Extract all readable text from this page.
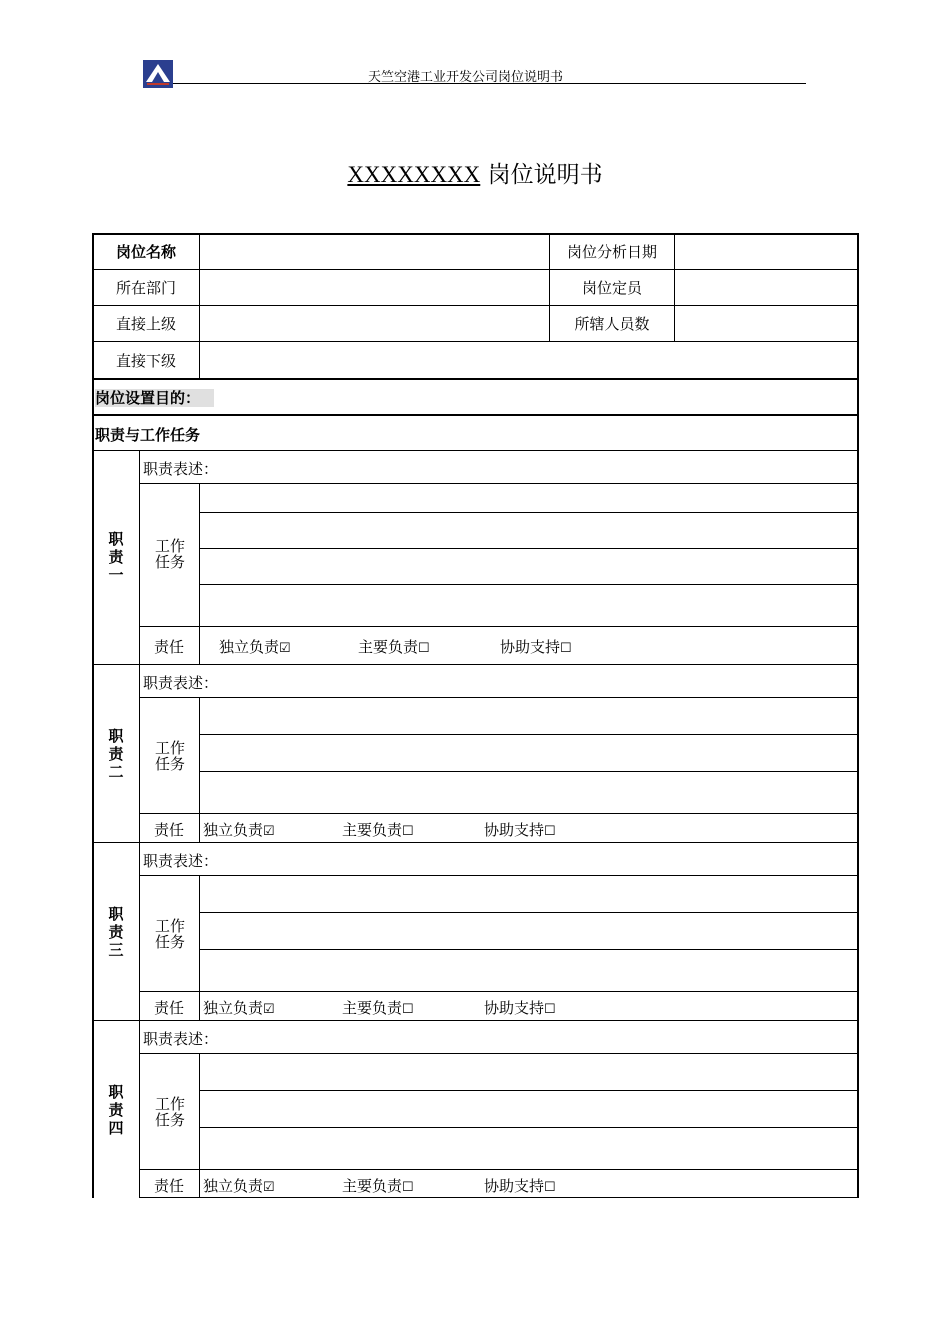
天竺空港工业开发公司岗位说明书
XXXXXXXX 岗位说明书
岗位名称	岗位分析日期
所在部门	岗位定员
直接上级	所辖人员数
直接下级
岗位设置目的：
职责与工作任务
职
责
一
职责表述：
工作任务
责任 独立负责☑	主要负责☐	协助支持☐
职
责
二
职责表述：
工作任务
责任 独立负责☑	主要负责☐	协助支持☐
职
责
三
职责表述：
工作任务
责任 独立负责☑	主要负责☐	协助支持☐
职
责
四
职责表述：
工作任务
责任 独立负责☑	主要负责☐	协助支持☐
